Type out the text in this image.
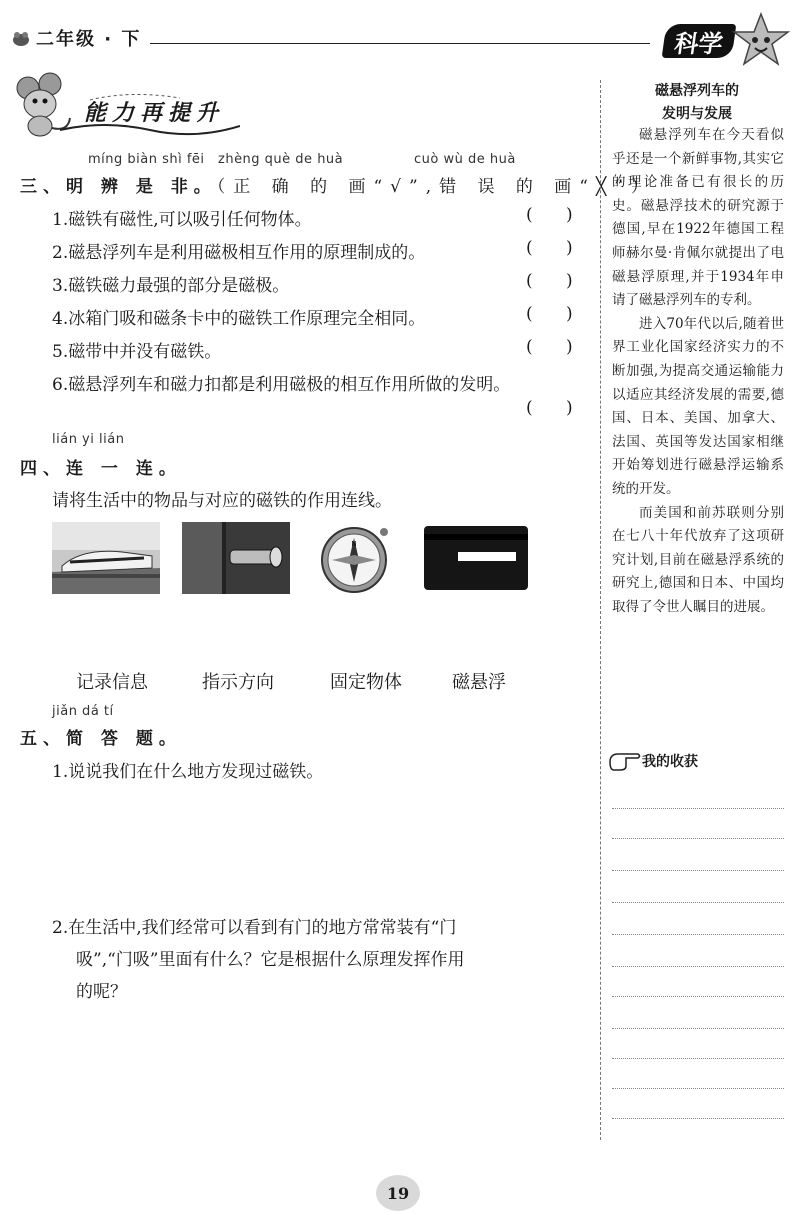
二年级 · 下	科学
能力再提升
míng biàn shì fēi zhèng què de huà	cuò wù de huà
三、明 辨 是 非。（正 确 的 画“√”,错 误 的 画“╳”）
1.磁铁有磁性,可以吸引任何物体。	( )
2.磁悬浮列车是利用磁极相互作用的原理制成的。	( )
3.磁铁磁力最强的部分是磁极。	( )
4.冰箱门吸和磁条卡中的磁铁工作原理完全相同。	( )
5.磁带中并没有磁铁。	( )
6.磁悬浮列车和磁力扣都是利用磁极的相互作用所做的发明。
( )
lián yi lián
四、连 一 连。
请将生活中的物品与对应的磁铁的作用连线。
N
记录信息	指示方向	固定物体	磁悬浮
jiǎn dá tí
五、简 答 题。
1.说说我们在什么地方发现过磁铁。
2.在生活中,我们经常可以看到有门的地方常常装有“门
吸”,“门吸”里面有什么？它是根据什么原理发挥作用
的呢？
磁悬浮列车的
发明与发展

磁悬浮列车在今天看似乎还是一个新鲜事物,其实它的理论准备已有很长的历史。磁悬浮技术的研究源于德国,早在1922年德国工程师赫尔曼·肯佩尔就提出了电磁悬浮原理,并于1934年申请了磁悬浮列车的专利。

进入70年代以后,随着世界工业化国家经济实力的不断加强,为提高交通运输能力以适应其经济发展的需要,德国、日本、美国、加拿大、法国、英国等发达国家相继开始筹划进行磁悬浮运输系统的开发。

而美国和前苏联则分别在七八十年代放弃了这项研究计划,目前在磁悬浮系统的研究上,德国和日本、中国均取得了令世人瞩目的进展。

我的收获
19
